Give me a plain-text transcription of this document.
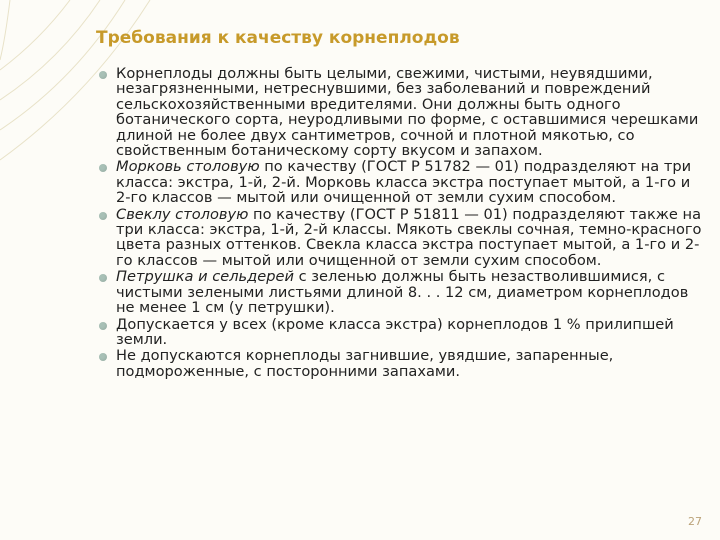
Требования к качеству корнеплодов
Корнеплоды должны быть целыми, свежими, чистыми, неувядшими, незагрязненными, нетреснувшими, без заболеваний и повреждений сельскохозяйственными вредителями. Они должны быть одного ботанического сорта, неуродливыми по форме, с оставшимися черешками длиной не более двух сантиметров, сочной и плотной мякотью, со свойственным ботаническому сорту вкусом и запахом.
Морковь столовую по качеству (ГОСТ Р 51782 — 01) подразделяют на три класса: экстра, 1-й, 2-й. Морковь класса экстра поступает мытой, а 1-го и 2-го классов — мытой или очищенной от земли сухим способом.
Свеклу столовую по качеству (ГОСТ Р 51811 — 01) подразделяют также на три класса: экстра, 1-й, 2-й классы. Мякоть свеклы сочная, темно-красного цвета разных оттенков. Свекла класса экстра поступает мытой, а 1-го и 2-го классов — мытой или очищенной от земли сухим способом.
Петрушка и сельдерей с зеленью должны быть незастволившимися, с чистыми зелеными листьями длиной 8. . . 12 см, диаметром корнеплодов не менее 1 см (у петрушки).
Допускается у всех (кроме класса экстра) корнеплодов 1 % прилипшей земли.
Не допускаются корнеплоды загнившие, увядшие, запаренные, подмороженные, с посторонними запахами.
27
